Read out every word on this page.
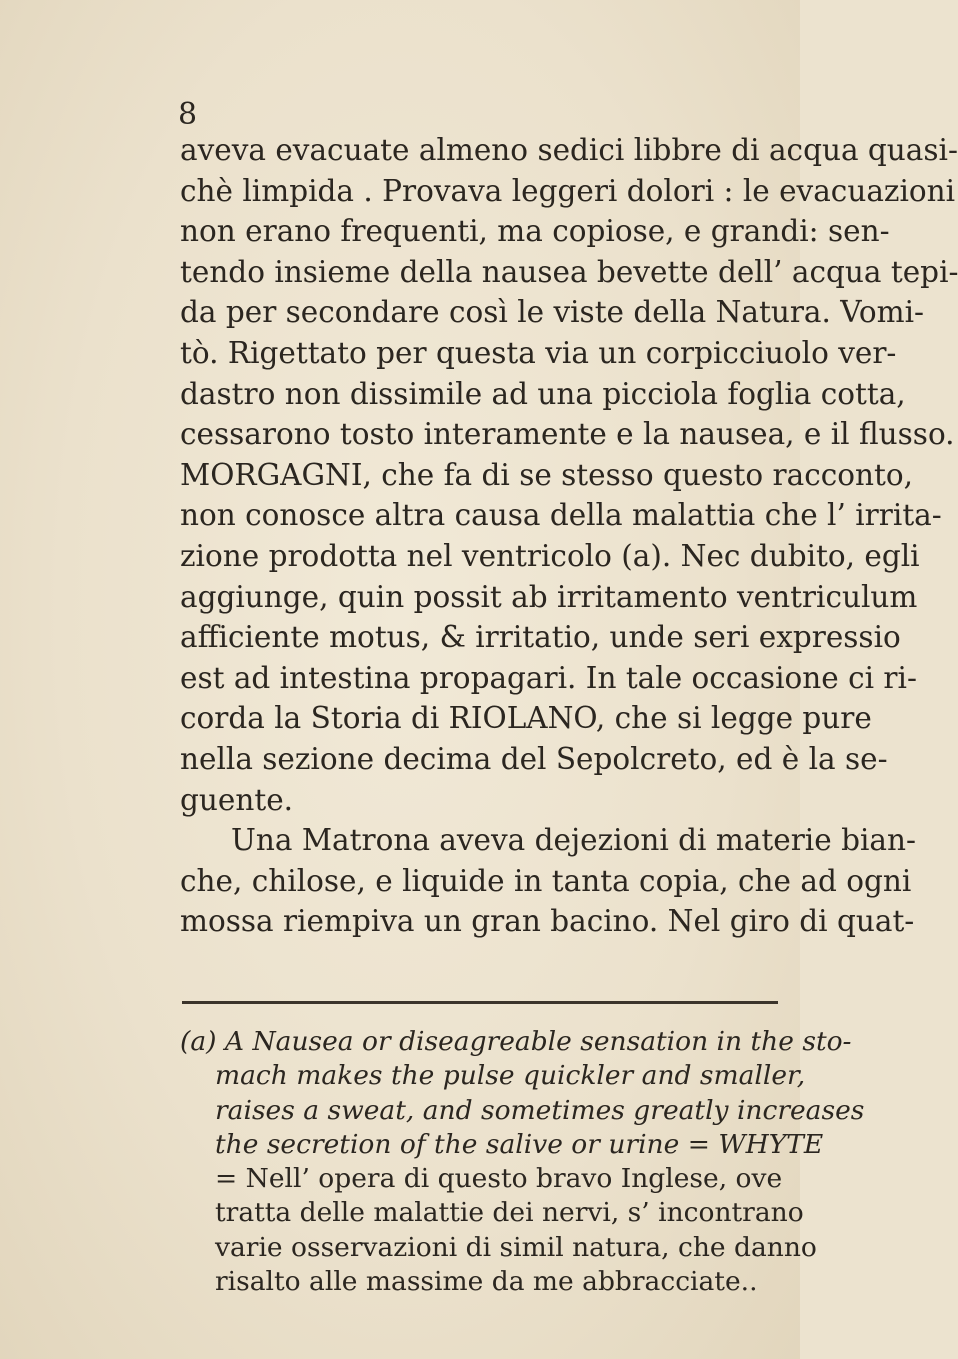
8
aveva evacuate almeno sedici libbre di acqua quasi-
chè limpida . Provava leggeri dolori : le evacuazioni
non erano frequenti, ma copiose, e grandi: sen-
tendo insieme della nausea bevette dell’ acqua tepi-
da per secondare così le viste della Natura. Vomi-
tò. Rigettato per questa via un corpicciuolo ver-
dastro non dissimile ad una picciola foglia cotta,
cessarono tosto interamente e la nausea, e il flusso.
MORGAGNI, che fa di se stesso questo racconto,
non conosce altra causa della malattia che l’ irrita-
zione prodotta nel ventricolo (a). Nec dubito, egli
aggiunge, quin possit ab irritamento ventriculum
afficiente motus, & irritatio, unde seri expressio
est ad intestina propagari. In tale occasione ci ri-
corda la Storia di RIOLANO, che si legge pure
nella sezione decima del Sepolcreto, ed è la se-
guente.
Una Matrona aveva dejezioni di materie bian-
che, chilose, e liquide in tanta copia, che ad ogni
mossa riempiva un gran bacino. Nel giro di quat-
(a) A Nausea or diseagreable sensation in the sto-
mach makes the pulse quickler and smaller,
raises a sweat, and sometimes greatly increases
the secretion of the salive or urine = WHYTE
= Nell’ opera di questo bravo Inglese, ove
tratta delle malattie dei nervi, s’ incontrano
varie osservazioni di simil natura, che danno
risalto alle massime da me abbracciate..
